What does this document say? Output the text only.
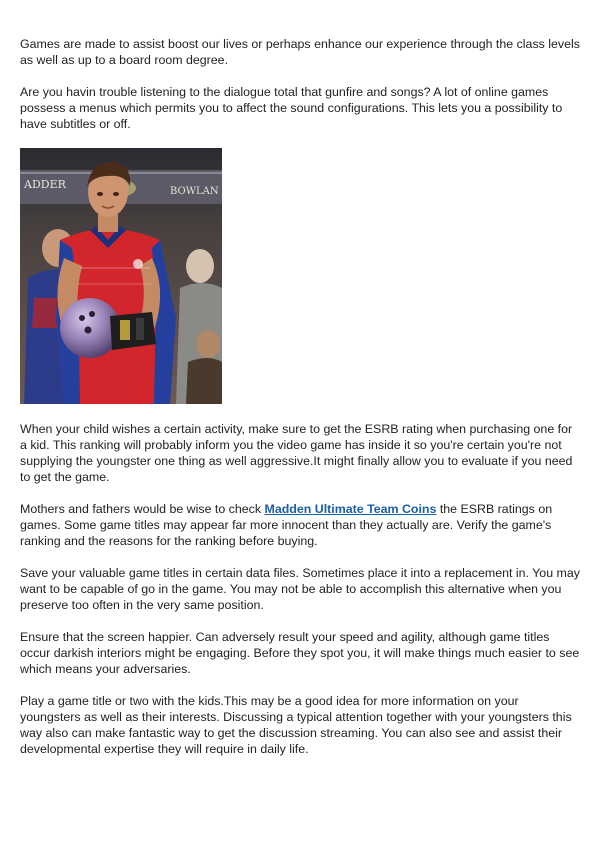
Games are made to assist boost our lives or perhaps enhance our experience through the class levels as well as up to a board room degree.

Are you havin trouble listening to the dialogue total that gunfire and songs? A lot of online games possess a menus which permits you to affect the sound configurations. This lets you a possibility to have subtitles or off.

ADDER
BOWLAN

When your child wishes a certain activity, make sure to get the ESRB rating when purchasing one for a kid. This ranking will probably inform you the video game has inside it so you're certain you're not supplying the youngster one thing as well aggressive.It might finally allow you to evaluate if you need to get the game.

Mothers and fathers would be wise to check Madden Ultimate Team Coins the ESRB ratings on games. Some game titles may appear far more innocent than they actually are. Verify the game's ranking and the reasons for the ranking before buying.

Save your valuable game titles in certain data files. Sometimes place it into a replacement in. You may want to be capable of go in the game. You may not be able to accomplish this alternative when you preserve too often in the very same position.

Ensure that the screen happier. Can adversely result your speed and agility, although game titles occur darkish interiors might be engaging. Before they spot you, it will make things much easier to see which means your adversaries.

Play a game title or two with the kids.This may be a good idea for more information on your youngsters as well as their interests. Discussing a typical attention together with your youngsters this way also can make fantastic way to get the discussion streaming. You can also see and assist their developmental expertise they will require in daily life.
